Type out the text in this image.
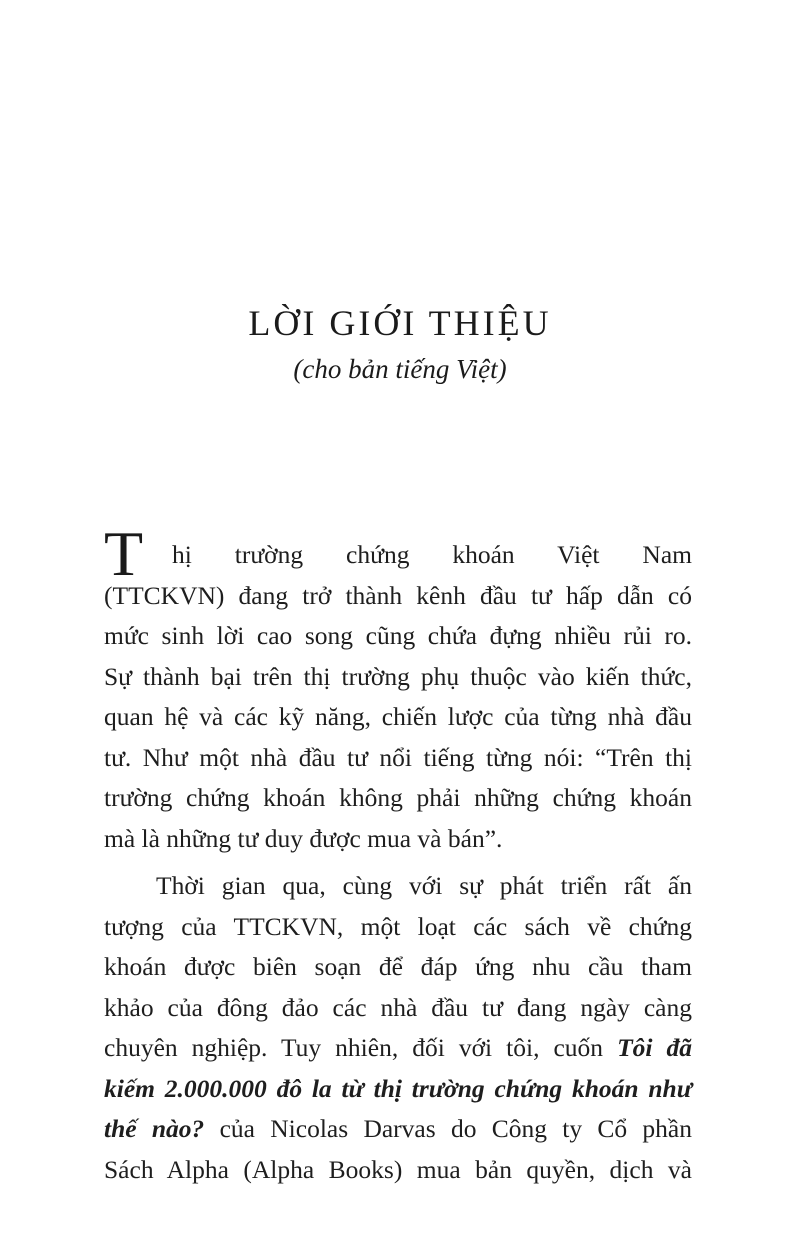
LỜI GIỚI THIỆU

(cho bản tiếng Việt)

T hị    trường    chứng    khoán    Việt    Nam
(TTCKVN) đang trở thành kênh đầu tư hấp dẫn có
mức sinh lời cao song cũng chứa đựng nhiều rủi ro.
Sự thành bại trên thị trường phụ thuộc vào kiến thức,
quan hệ và các kỹ năng, chiến lược của từng nhà đầu
tư. Như một nhà đầu tư nổi tiếng từng nói: “Trên thị
trường chứng khoán không phải những chứng khoán
mà là những tư duy được mua và bán”.
Thời gian qua, cùng với sự phát triển rất ấn
tượng của TTCKVN, một loạt các sách về chứng
khoán được biên soạn để đáp ứng nhu cầu tham
khảo của đông đảo các nhà đầu tư đang ngày càng
chuyên nghiệp. Tuy nhiên, đối với tôi, cuốn Tôi đã
kiếm 2.000.000 đô la từ thị trường chứng khoán như
thế nào? của Nicolas Darvas do Công ty Cổ phần
Sách Alpha (Alpha Books) mua bản quyền, dịch và
